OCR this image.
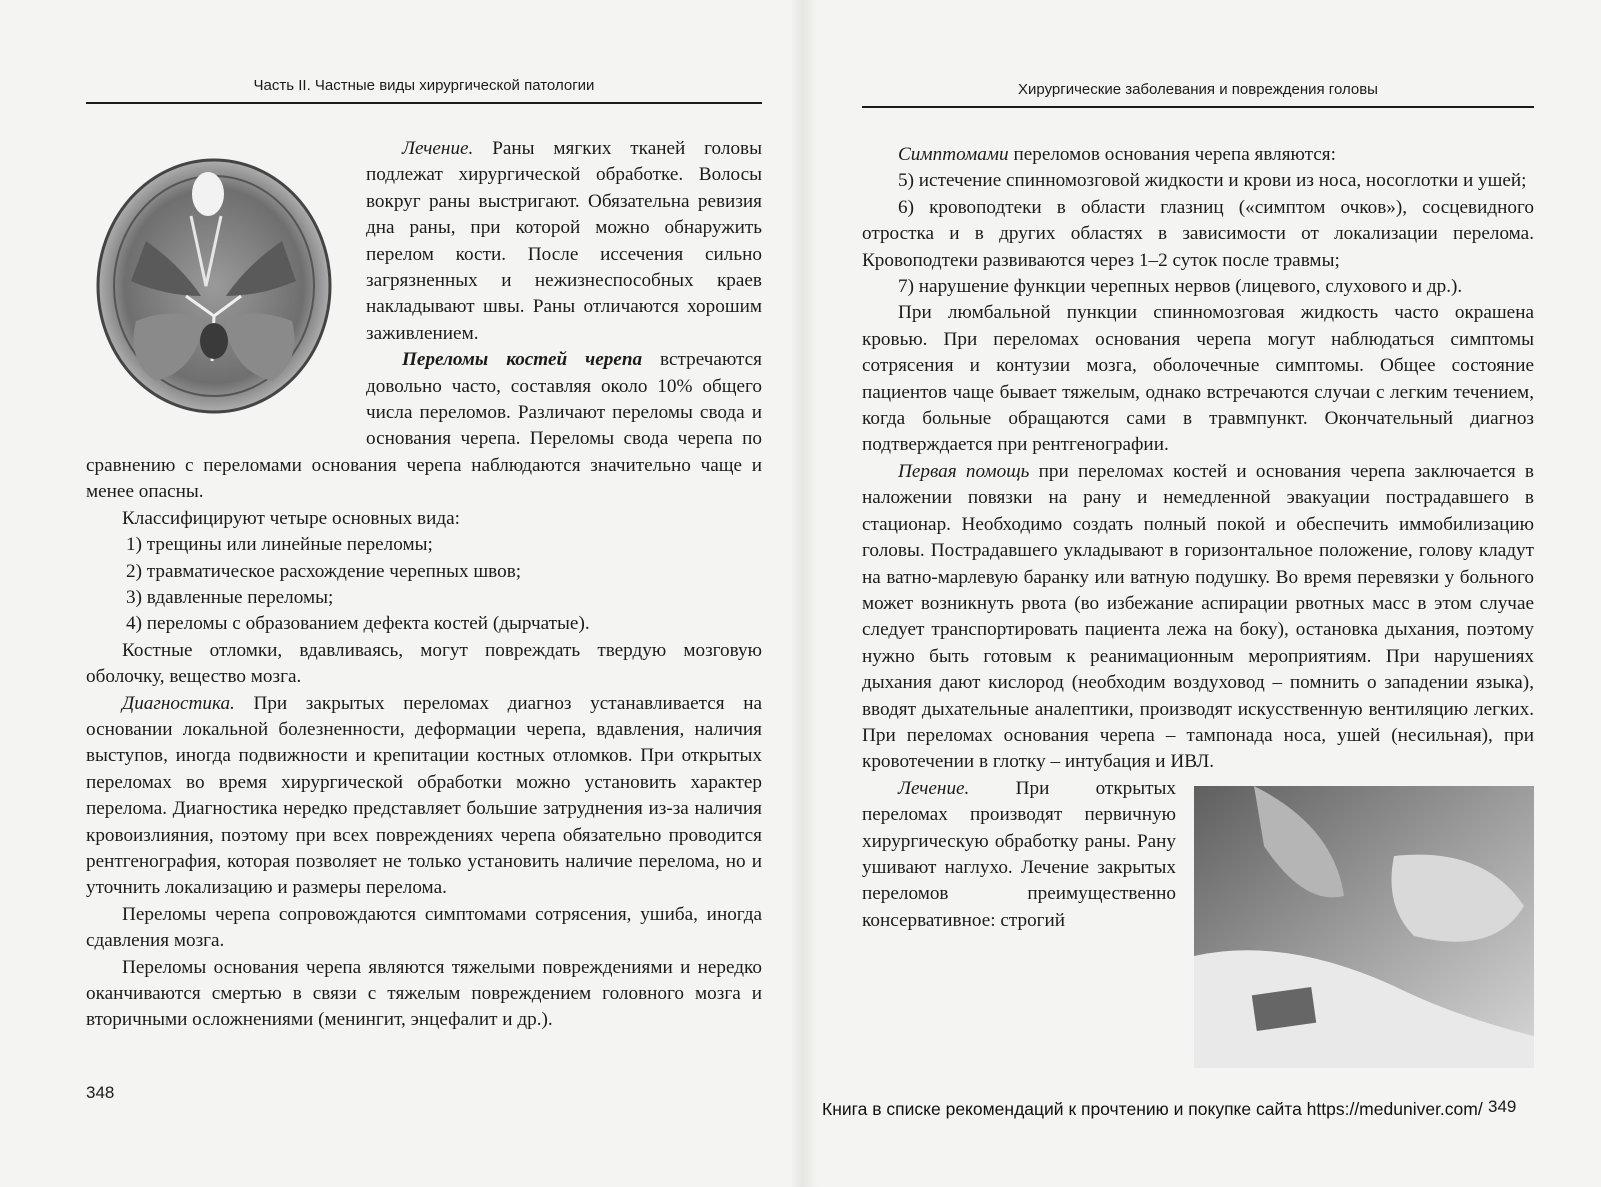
Часть II. Частные виды хирургической патологии

Лечение. Раны мягких тканей головы подлежат хирургической обработке. Волосы вокруг раны выстригают. Обязательна ревизия дна раны, при которой можно обнаружить перелом кости. После иссечения сильно загрязненных и нежизнеспособных краев накладывают швы. Раны отличаются хорошим заживлением.

Переломы костей черепа встречаются довольно часто, составляя около 10% общего числа переломов. Различают переломы свода и основания черепа. Переломы свода черепа по сравнению с переломами основания черепа наблюдаются значительно чаще и менее опасны.

Классифицируют четыре основных вида:

1) трещины или линейные переломы;

2) травматическое расхождение черепных швов;

3) вдавленные переломы;

4) переломы с образованием дефекта костей (дырчатые).

Костные отломки, вдавливаясь, могут повреждать твердую мозговую оболочку, вещество мозга.

Диагностика. При закрытых переломах диагноз устанавливается на основании локальной болезненности, деформации черепа, вдавления, наличия выступов, иногда подвижности и крепитации костных отломков. При открытых переломах во время хирургической обработки можно установить характер перелома. Диагностика нередко представляет большие затруднения из-за наличия кровоизлияния, поэтому при всех повреждениях черепа обязательно проводится рентгенография, которая позволяет не только установить наличие перелома, но и уточнить локализацию и размеры перелома.

Переломы черепа сопровождаются симптомами сотрясения, ушиба, иногда сдавления мозга.

Переломы основания черепа являются тяжелыми повреждениями и нередко оканчиваются смертью в связи с тяжелым повреждением головного мозга и вторичными осложнениями (менингит, энцефалит и др.).

348
Хирургические заболевания и повреждения головы

Симптомами переломов основания черепа являются:

5) истечение спинномозговой жидкости и крови из носа, носоглотки и ушей;

6) кровоподтеки в области глазниц («симптом очков»), сосцевидного отростка и в других областях в зависимости от локализации перелома. Кровоподтеки развиваются через 1–2 суток после травмы;

7) нарушение функции черепных нервов (лицевого, слухового и др.).

При люмбальной пункции спинномозговая жидкость часто окрашена кровью. При переломах основания черепа могут наблюдаться симптомы сотрясения и контузии мозга, оболочечные симптомы. Общее состояние пациентов чаще бывает тяжелым, однако встречаются случаи с легким течением, когда больные обращаются сами в травмпункт. Окончательный диагноз подтверждается при рентгенографии.

Первая помощь при переломах костей и основания черепа заключается в наложении повязки на рану и немедленной эвакуации пострадавшего в стационар. Необходимо создать полный покой и обеспечить иммобилизацию головы. Пострадавшего укладывают в горизонтальное положение, голову кладут на ватно-марлевую баранку или ватную подушку. Во время перевязки у больного может возникнуть рвота (во избежание аспирации рвотных масс в этом случае следует транспортировать пациента лежа на боку), остановка дыхания, поэтому нужно быть готовым к реанимационным мероприятиям. При нарушениях дыхания дают кислород (необходим воздуховод – помнить о западении языка), вводят дыхательные аналептики, производят искусственную вентиляцию легких. При переломах основания черепа – тампонада носа, ушей (несильная), при кровотечении в глотку – интубация и ИВЛ.

Лечение. При открытых переломах производят первичную хирургическую обработку раны. Рану ушивают наглухо. Лечение закрытых переломов преимущественно консервативное: строгий

349
Книга в списке рекомендаций к прочтению и покупке сайта https://meduniver.com/
